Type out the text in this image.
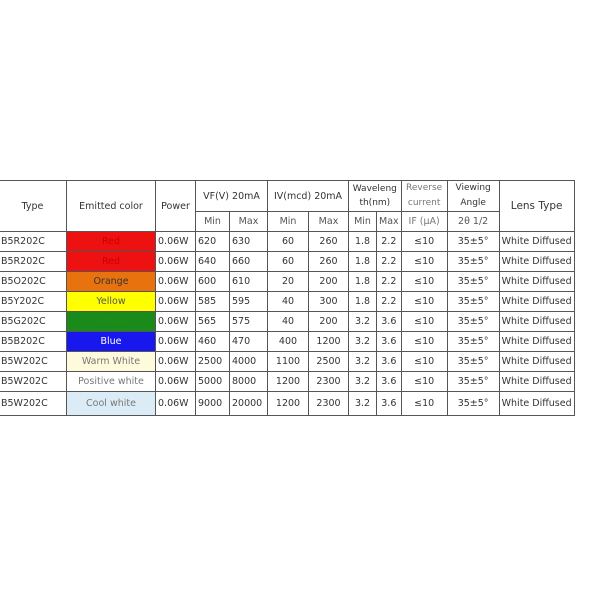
Type	Emitted color	Power	VF(V) 20mA		IV(mcd) 20mA		Wavelength(nm)		Reverse current	Viewing Angle	Lens Type
			Min	Max	Min	Max	Min	Max	IF (μA)	2θ 1/2	
B5R202C	Red	0.06W	620	630	60	260	1.8	2.2	≤10	35±5°	White Diffused
B5R202C	Red	0.06W	640	660	60	260	1.8	2.2	≤10	35±5°	White Diffused
B5O202C	Orange	0.06W	600	610	20	200	1.8	2.2	≤10	35±5°	White Diffused
B5Y202C	Yellow	0.06W	585	595	40	300	1.8	2.2	≤10	35±5°	White Diffused
B5G202C	Green	0.06W	565	575	40	200	3.2	3.6	≤10	35±5°	White Diffused
B5B202C	Blue	0.06W	460	470	400	1200	3.2	3.6	≤10	35±5°	White Diffused
B5W202C	Warm White	0.06W	2500	4000	1100	2500	3.2	3.6	≤10	35±5°	White Diffused
B5W202C	Positive white	0.06W	5000	8000	1200	2300	3.2	3.6	≤10	35±5°	White Diffused
B5W202C	Cool white	0.06W	9000	20000	1200	2300	3.2	3.6	≤10	35±5°	White Diffused
